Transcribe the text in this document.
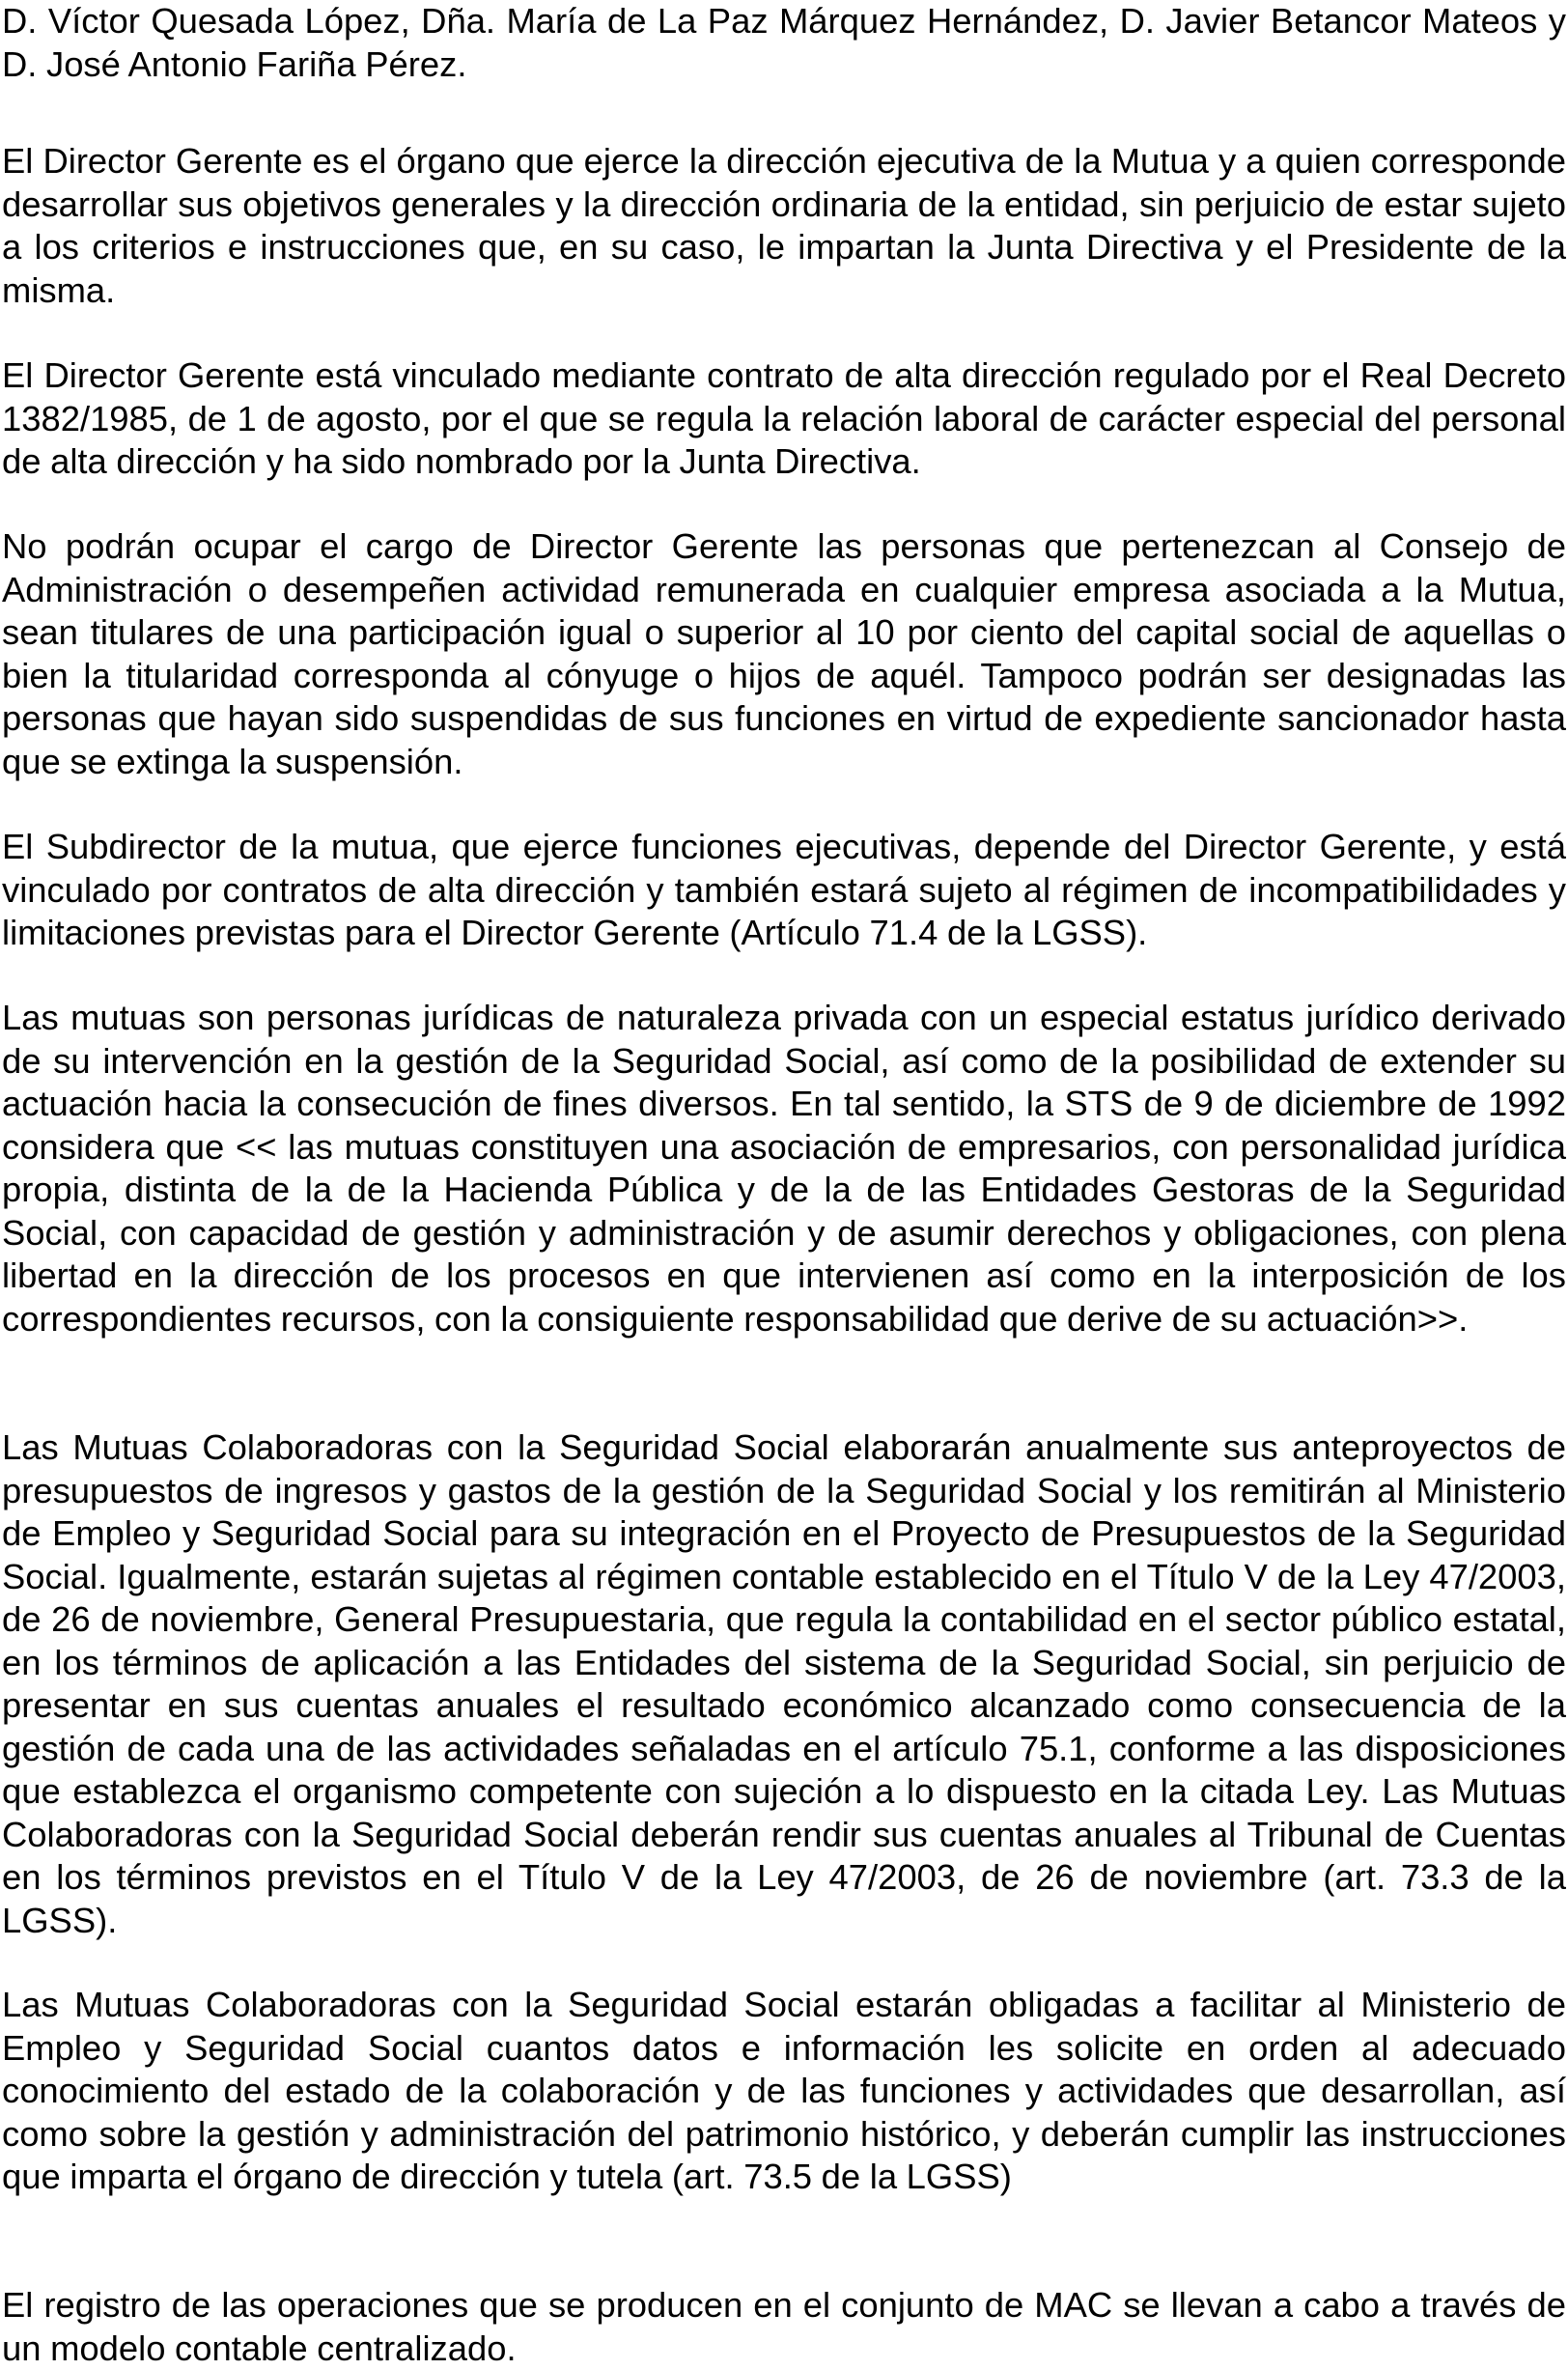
D. Víctor Quesada López, Dña. María de La Paz Márquez Hernández, D. Javier Betancor Mateos y D. José Antonio Fariña Pérez.

El Director Gerente es el órgano que ejerce la dirección ejecutiva de la Mutua y a quien corresponde desarrollar sus objetivos generales y la dirección ordinaria de la entidad, sin perjuicio de estar sujeto a los criterios e instrucciones que, en su caso, le impartan la Junta Directiva y el Presidente de la misma.

El Director Gerente está vinculado mediante contrato de alta dirección regulado por el Real Decreto 1382/1985, de 1 de agosto, por el que se regula la relación laboral de carácter especial del personal de alta dirección y ha sido nombrado por la Junta Directiva.

No podrán ocupar el cargo de Director Gerente las personas que pertenezcan al Consejo de Administración o desempeñen actividad remunerada en cualquier empresa asociada a la Mutua, sean titulares de una participación igual o superior al 10 por ciento del capital social de aquellas o bien la titularidad corresponda al cónyuge o hijos de aquél. Tampoco podrán ser designadas las personas que hayan sido suspendidas de sus funciones en virtud de expediente sancionador hasta que se extinga la suspensión.

El Subdirector de la mutua, que ejerce funciones ejecutivas, depende del Director Gerente, y está vinculado por contratos de alta dirección y también estará sujeto al régimen de incompatibilidades y limitaciones previstas para el Director Gerente (Artículo 71.4 de la LGSS).

Las mutuas son personas jurídicas de naturaleza privada con un especial estatus jurídico derivado de su intervención en la gestión de la Seguridad Social, así como de la posibilidad de extender su actuación hacia la consecución de fines diversos. En tal sentido, la STS de 9 de diciembre de 1992 considera que << las mutuas constituyen una asociación de empresarios, con personalidad jurídica propia, distinta de la de la Hacienda Pública y de la de las Entidades Gestoras de la Seguridad Social, con capacidad de gestión y administración y de asumir derechos y obligaciones, con plena libertad en la dirección de los procesos en que intervienen así como en la interposición de los correspondientes recursos, con la consiguiente responsabilidad que derive de su actuación>>.

Las Mutuas Colaboradoras con la Seguridad Social elaborarán anualmente sus anteproyectos de presupuestos de ingresos y gastos de la gestión de la Seguridad Social y los remitirán al Ministerio de Empleo y Seguridad Social para su integración en el Proyecto de Presupuestos de la Seguridad Social. Igualmente, estarán sujetas al régimen contable establecido en el Título V de la Ley 47/2003, de 26 de noviembre, General Presupuestaria, que regula la contabilidad en el sector público estatal, en los términos de aplicación a las Entidades del sistema de la Seguridad Social, sin perjuicio de presentar en sus cuentas anuales el resultado económico alcanzado como consecuencia de la gestión de cada una de las actividades señaladas en el artículo 75.1, conforme a las disposiciones que establezca el organismo competente con sujeción a lo dispuesto en la citada Ley. Las Mutuas Colaboradoras con la Seguridad Social deberán rendir sus cuentas anuales al Tribunal de Cuentas en los términos previstos en el Título V de la Ley 47/2003, de 26 de noviembre (art. 73.3 de la LGSS).

Las Mutuas Colaboradoras con la Seguridad Social estarán obligadas a facilitar al Ministerio de Empleo y Seguridad Social cuantos datos e información les solicite en orden al adecuado conocimiento del estado de la colaboración y de las funciones y actividades que desarrollan, así como sobre la gestión y administración del patrimonio histórico, y deberán cumplir las instrucciones que imparta el órgano de dirección y tutela (art. 73.5 de la LGSS)

El registro de las operaciones que se producen en el conjunto de MAC se llevan a cabo a través de un modelo contable centralizado.
